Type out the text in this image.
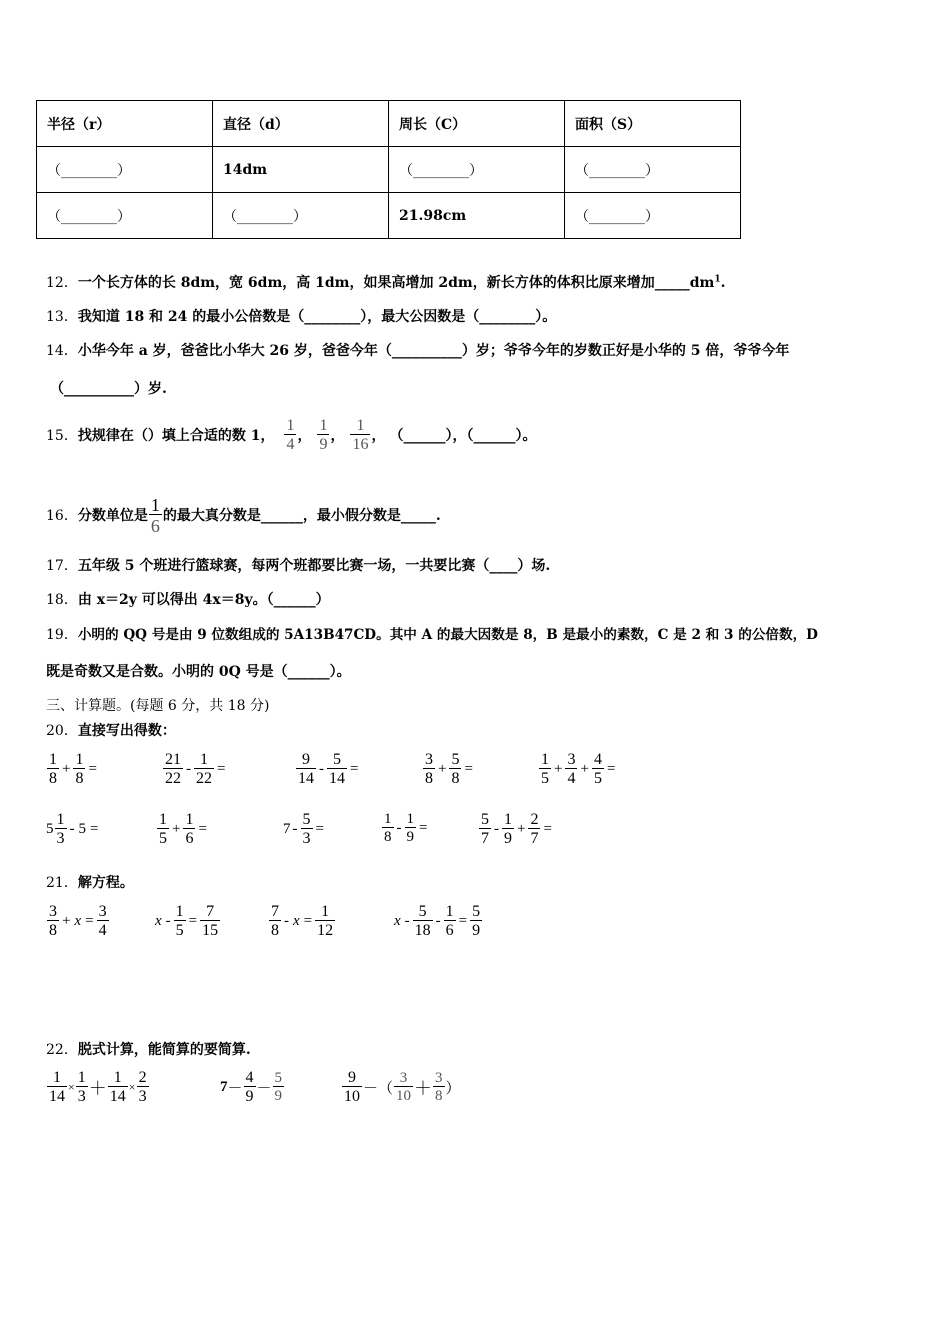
半径（r）	直径（d）	周长（C）	面积（S）
（________）	14dm	（________）	（________）
（________）	（________）	21.98cm	（________）
12．一个长方体的长 8dm，宽 6dm，高 1dm，如果高增加 2dm，新长方体的体积比原来增加$\_\_\_\_\_dm^1$.
13．我知道 18 和 24 的最小公倍数是（________），最大公因数是（________）。
14．小华今年 a 岁，爸爸比小华大 26 岁，爸爸今年（__________）岁；爷爷今年的岁数正好是小华的 5 倍，爷爷今年
（__________）岁.
15． 找规律在（）填上合适的数 1， $\frac{1}{4}$ ， $\frac{1}{9}$ ， $\frac{1}{16}$ ， （______），（______）。
16． 分数单位是 $\frac{1}{6}$ 的最大真分数是______，最小假分数是_____.
17．五年级 5 个班进行篮球赛，每两个班都要比赛一场，一共要比赛（____）场.
18．由 x＝2y 可以得出 4x＝8y。（______）
19．小明的 QQ 号是由 9 位数组成的 5A13B47CD。其中 A 的最大因数是 8，B 是最小的素数，C 是 2 和 3 的公倍数，D
既是奇数又是合数。小明的 0Q 号是（______）。
三、计算题。(每题 6 分，共 18 分)
20．直接写出得数：
$\frac{1}{8} + \frac{1}{8}$ =	$\frac{21}{22} - \frac{1}{22}$ =	$\frac{9}{14} - \frac{5}{14}$ =	$\frac{3}{8} + \frac{5}{8}$ =	$\frac{1}{5} + \frac{3}{4} + \frac{4}{5}$ =
$5 \frac{1}{3} - 5$ =	$\frac{1}{5} + \frac{1}{6}$ =	$7 - \frac{5}{3}$ =	$\frac{1}{8} - \frac{1}{9}$ =	$\frac{5}{7} - \frac{1}{9} + \frac{2}{7}$ =
21．解方程。
$\frac{3}{8} + x = \frac{3}{4}$	$x - \frac{1}{5} = \frac{7}{15}$	$\frac{7}{8} - x = \frac{1}{12}$	$x - \frac{5}{18} - \frac{1}{6} = \frac{5}{9}$
22．脱式计算，能简算的要简算.
$\frac{1}{14} \times \frac{1}{3} + \frac{1}{14} \times \frac{2}{3}$	$7- \frac{4}{9} - \frac{5}{9}$	$\frac{9}{10}$ －（ $\frac{3}{10} + \frac{3}{8}$ ）
